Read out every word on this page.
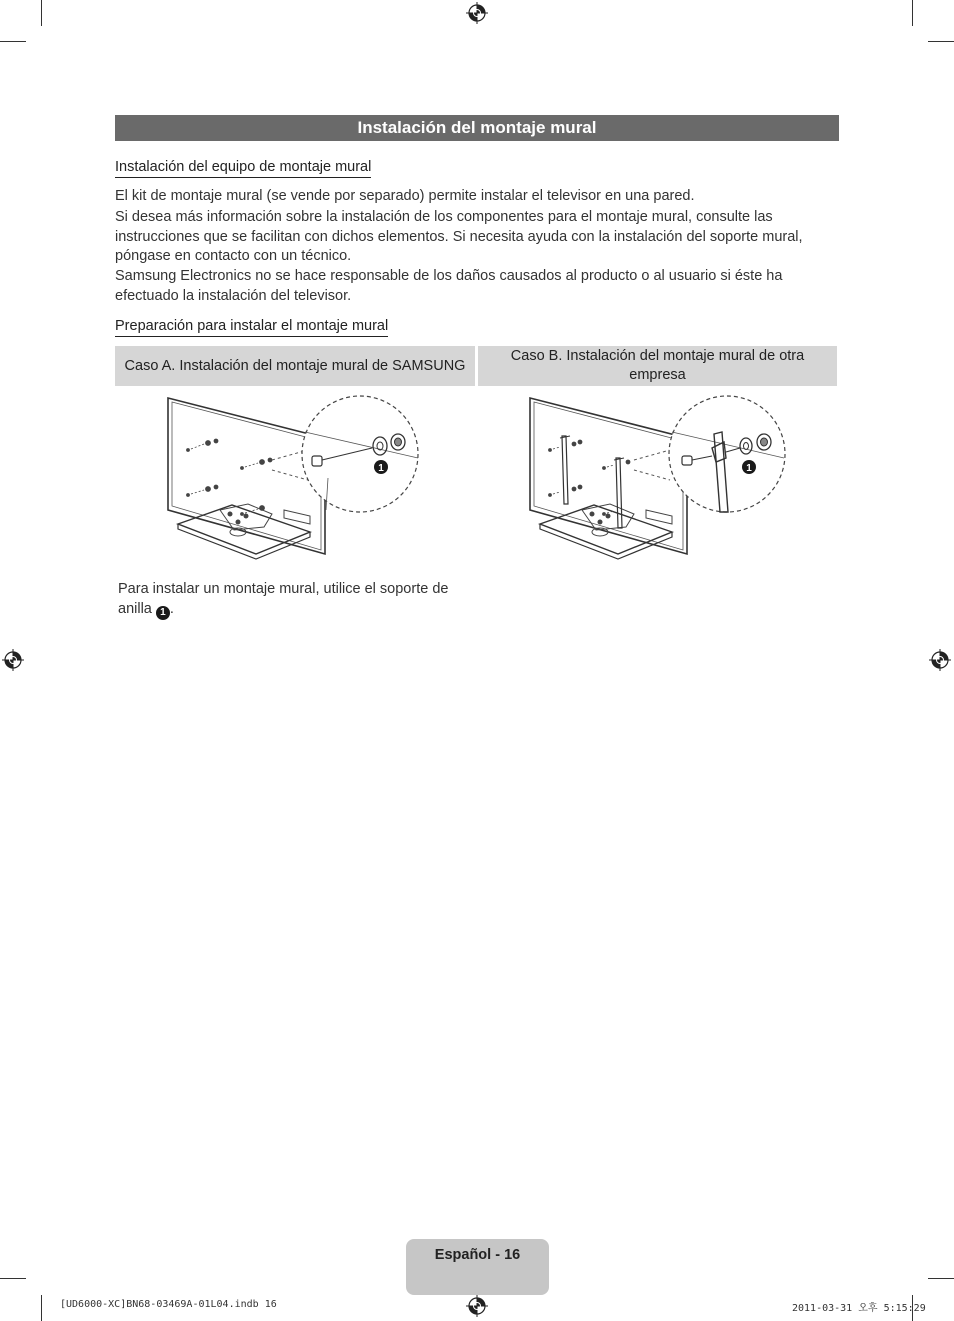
Instalación del montaje mural
Instalación del equipo de montaje mural
El kit de montaje mural (se vende por separado) permite instalar el televisor en una pared.
Si desea más información sobre la instalación de los componentes para el montaje mural, consulte las instrucciones que se facilitan con dichos elementos. Si necesita ayuda con la instalación del soporte mural, póngase en contacto con un técnico.
Samsung Electronics no se hace responsable de los daños causados al producto o al usuario si éste ha efectuado la instalación del televisor.
Preparación para instalar el montaje mural
Caso A. Instalación del montaje mural de SAMSUNG
Caso B. Instalación del montaje mural de otra empresa
1	1
Para instalar un montaje mural, utilice el soporte de anilla 1 .
Español - 16
[UD6000-XC]BN68-03469A-01L04.indb 16	2011-03-31 오후 5:15:29
